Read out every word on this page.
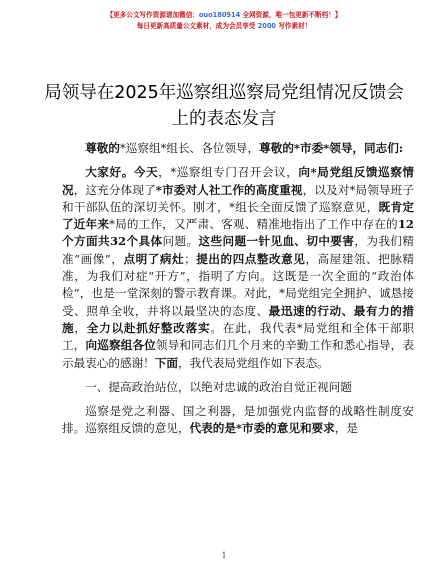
【更多公文写作资源请加微信：ouo180914 全网资源，唯一包更新不断档！】
每日更新高质量公文素材，成为会员享受 2000 写作素材！
局领导在2025年巡察组巡察局党组情况反馈会上的表态发言

尊敬的*巡察组*组长、各位领导，尊敬的*市委*领导，同志们:

大家好。今天，*巡察组专门召开会议，向*局党组反馈巡察情况，这充分体现了*市委对人社工作的高度重视，以及对*局领导班子和干部队伍的深切关怀。刚才，*组长全面反馈了巡察意见，既肯定了近年来*局的工作，又严肃、客观、精准地指出了工作中存在的12个方面共32个具体问题。这些问题一针见血、切中要害，为我们精准“画像”，点明了病灶；提出的四点整改意见，高屋建瓴、把脉精准，为我们对症“开方”，指明了方向。这既是一次全面的“政治体检”，也是一堂深刻的警示教育课。对此，*局党组完全拥护、诚恳接受、照单全收，并将以最坚决的态度、最迅速的行动、最有力的措施，全力以赴抓好整改落实。在此，我代表*局党组和全体干部职工，向巡察组各位领导和同志们几个月来的辛勤工作和悉心指导，表示最衷心的感谢！下面，我代表局党组作如下表态。

一、提高政治站位，以绝对忠诚的政治自觉正视问题

巡察是党之利器、国之利器，是加强党内监督的战略性制度安排。巡察组反馈的意见，代表的是*市委的意见和要求，是

1
